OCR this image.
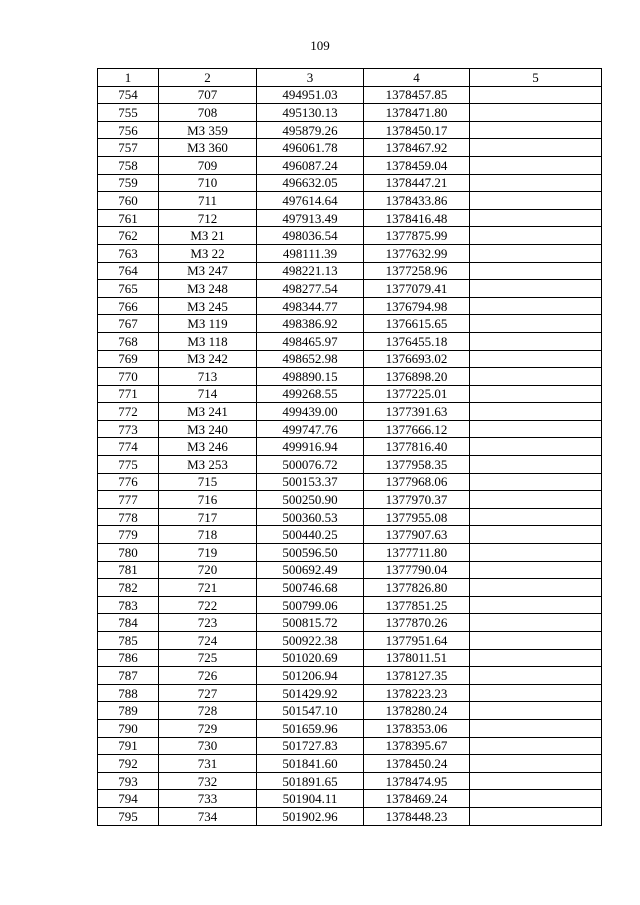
109
1	2	3	4	5
754	707	494951.03	1378457.85	
755	708	495130.13	1378471.80	
756	МЗ 359	495879.26	1378450.17	
757	МЗ 360	496061.78	1378467.92	
758	709	496087.24	1378459.04	
759	710	496632.05	1378447.21	
760	711	497614.64	1378433.86	
761	712	497913.49	1378416.48	
762	МЗ 21	498036.54	1377875.99	
763	МЗ 22	498111.39	1377632.99	
764	МЗ 247	498221.13	1377258.96	
765	МЗ 248	498277.54	1377079.41	
766	МЗ 245	498344.77	1376794.98	
767	МЗ 119	498386.92	1376615.65	
768	МЗ 118	498465.97	1376455.18	
769	МЗ 242	498652.98	1376693.02	
770	713	498890.15	1376898.20	
771	714	499268.55	1377225.01	
772	МЗ 241	499439.00	1377391.63	
773	МЗ 240	499747.76	1377666.12	
774	МЗ 246	499916.94	1377816.40	
775	МЗ 253	500076.72	1377958.35	
776	715	500153.37	1377968.06	
777	716	500250.90	1377970.37	
778	717	500360.53	1377955.08	
779	718	500440.25	1377907.63	
780	719	500596.50	1377711.80	
781	720	500692.49	1377790.04	
782	721	500746.68	1377826.80	
783	722	500799.06	1377851.25	
784	723	500815.72	1377870.26	
785	724	500922.38	1377951.64	
786	725	501020.69	1378011.51	
787	726	501206.94	1378127.35	
788	727	501429.92	1378223.23	
789	728	501547.10	1378280.24	
790	729	501659.96	1378353.06	
791	730	501727.83	1378395.67	
792	731	501841.60	1378450.24	
793	732	501891.65	1378474.95	
794	733	501904.11	1378469.24	
795	734	501902.96	1378448.23	
